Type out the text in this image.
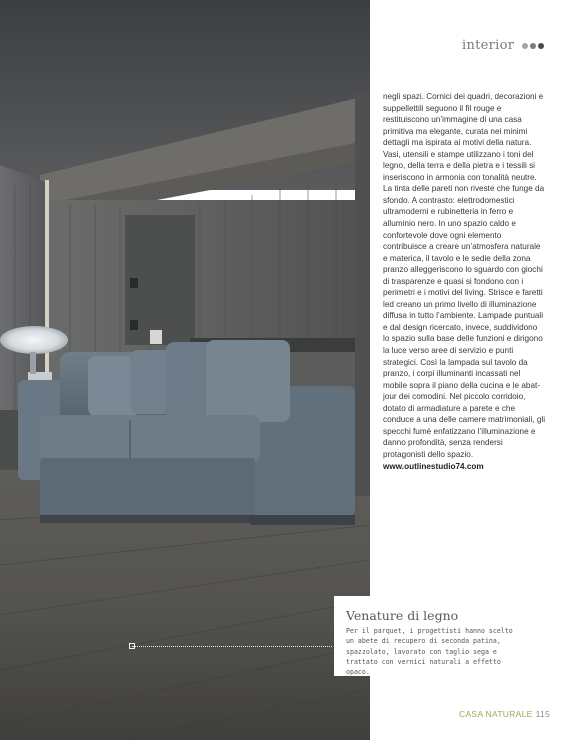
interior

negli spazi. Cornici dei quadri, decorazioni e suppellettili seguono il fil rouge e restituiscono un’immagine di una casa primitiva ma elegante, curata nei minimi dettagli ma ispirata ai motivi della natura. Vasi, utensili e stampe utilizzano i toni del legno, della terra e della pietra e i tessili si inseriscono in armonia con tonalità neutre. La tinta delle pareti non riveste che funge da sfondo. A contrasto: elettrodomestici ultramoderni e rubinetteria in ferro e alluminio nero. In uno spazio caldo e confortevole dove ogni elemento contribuisce a creare un’atmosfera naturale e materica, il tavolo e le sedie della zona pranzo alleggeriscono lo sguardo con giochi di trasparenze e quasi si fondono con i perimetri e i motivi del living. Strisce e faretti led creano un primo livello di illuminazione diffusa in tutto l’ambiente. Lampade puntuali e dal design ricercato, invece, suddividono lo spazio sulla base delle funzioni e dirigono la luce verso aree di servizio e punti strategici. Così la lampada sul tavolo da pranzo, i corpi illuminanti incassati nel mobile sopra il piano della cucina e le abat-jour dei comodini. Nel piccolo corridoio, dotato di armadiature a parete e che conduce a una delle camere matrimoniali, gli specchi fumè enfatizzano l’illuminazione e danno profondità, senza rendersi protagonisti dello spazio.

www.outlinestudio74.com

Venature di legno
Per il parquet, i progettisti hanno scelto un abete di recupero di seconda patina, spazzolato, lavorato con taglio sega e trattato con vernici naturali a effetto opaco.
CASA NATURALE 115
